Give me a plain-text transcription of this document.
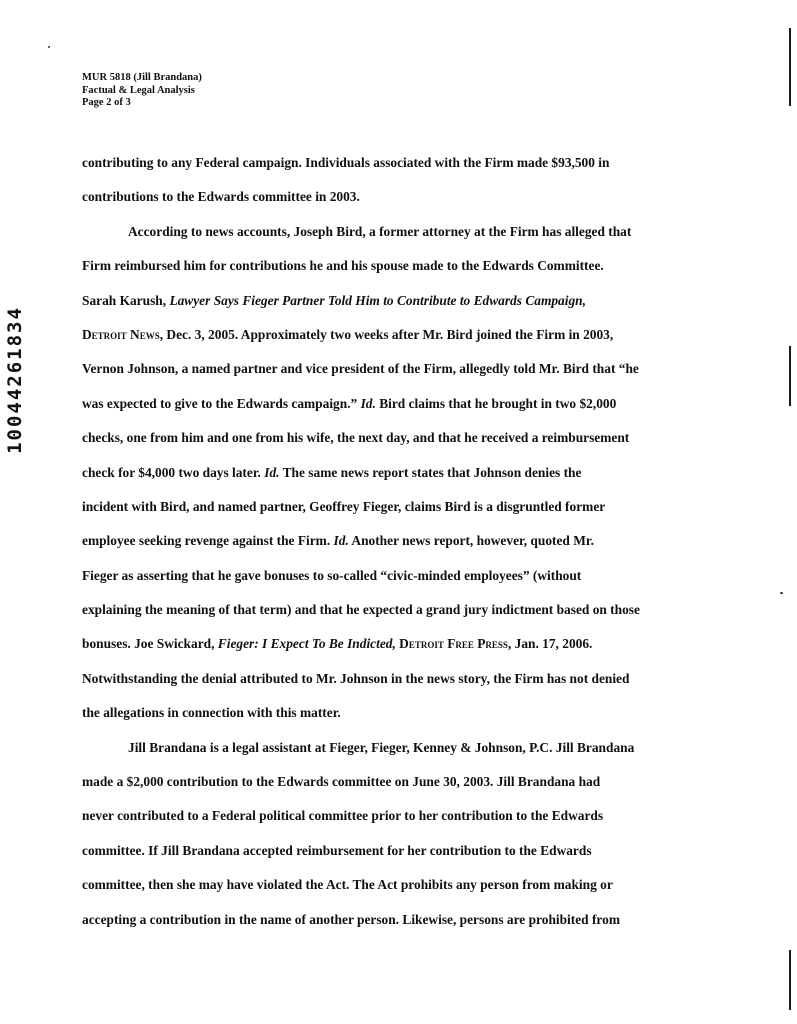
MUR 5818 (Jill Brandana)
Factual & Legal Analysis
Page 2 of 3
10044261834
contributing to any Federal campaign. Individuals associated with the Firm made $93,500 in
contributions to the Edwards committee in 2003.
According to news accounts, Joseph Bird, a former attorney at the Firm has alleged that
Firm reimbursed him for contributions he and his spouse made to the Edwards Committee.
Sarah Karush, Lawyer Says Fieger Partner Told Him to Contribute to Edwards Campaign,
Detroit News, Dec. 3, 2005. Approximately two weeks after Mr. Bird joined the Firm in 2003,
Vernon Johnson, a named partner and vice president of the Firm, allegedly told Mr. Bird that “he
was expected to give to the Edwards campaign.” Id. Bird claims that he brought in two $2,000
checks, one from him and one from his wife, the next day, and that he received a reimbursement
check for $4,000 two days later. Id. The same news report states that Johnson denies the
incident with Bird, and named partner, Geoffrey Fieger, claims Bird is a disgruntled former
employee seeking revenge against the Firm. Id. Another news report, however, quoted Mr.
Fieger as asserting that he gave bonuses to so-called “civic-minded employees” (without
explaining the meaning of that term) and that he expected a grand jury indictment based on those
bonuses. Joe Swickard, Fieger: I Expect To Be Indicted, Detroit Free Press, Jan. 17, 2006.
Notwithstanding the denial attributed to Mr. Johnson in the news story, the Firm has not denied
the allegations in connection with this matter.
Jill Brandana is a legal assistant at Fieger, Fieger, Kenney & Johnson, P.C. Jill Brandana
made a $2,000 contribution to the Edwards committee on June 30, 2003. Jill Brandana had
never contributed to a Federal political committee prior to her contribution to the Edwards
committee. If Jill Brandana accepted reimbursement for her contribution to the Edwards
committee, then she may have violated the Act. The Act prohibits any person from making or
accepting a contribution in the name of another person. Likewise, persons are prohibited from
